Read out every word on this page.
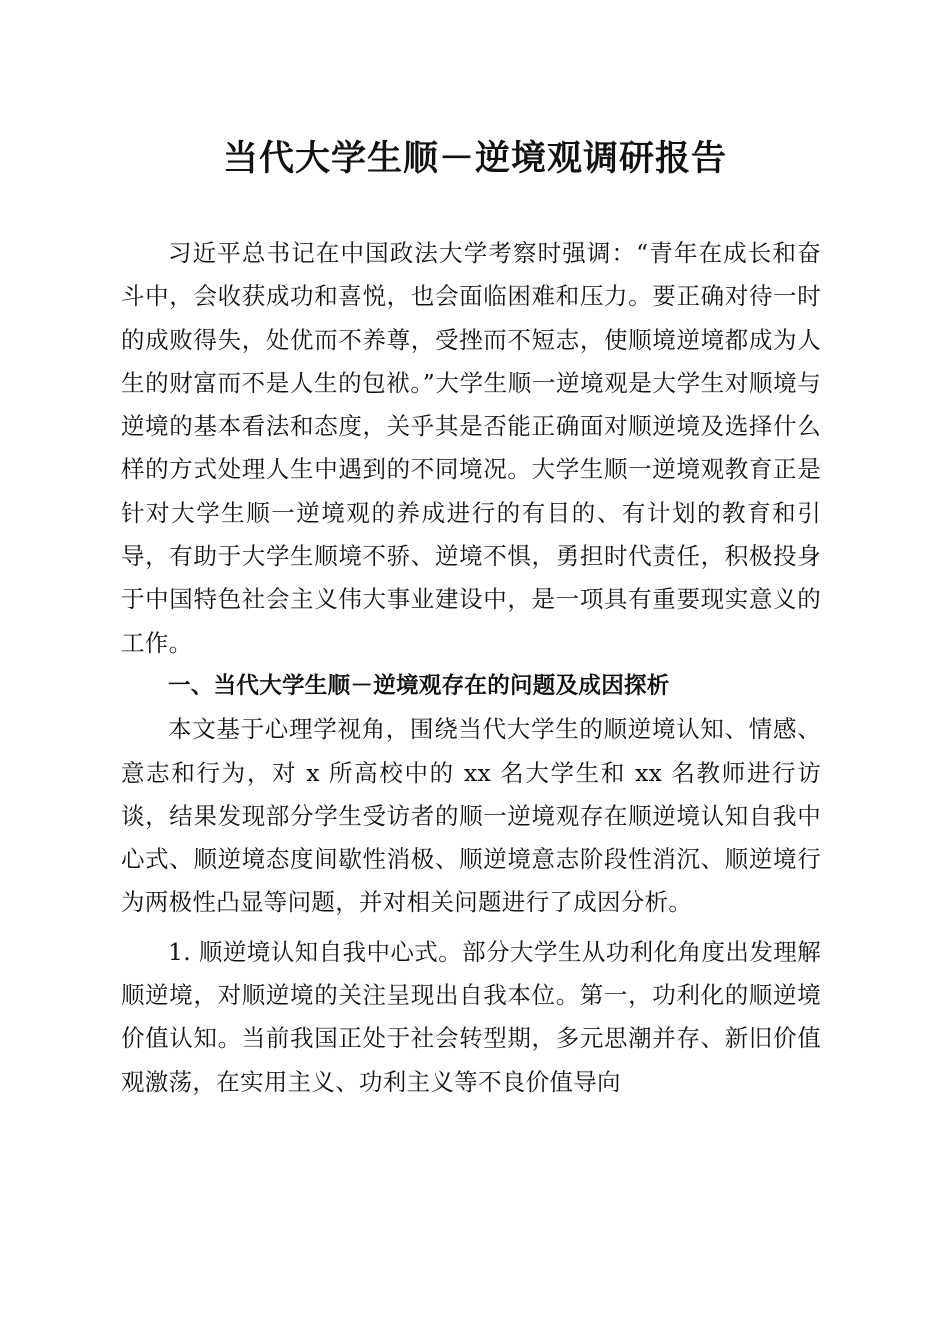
当代大学生顺－逆境观调研报告

习近平总书记在中国政法大学考察时强调：“青年在成长和奋斗中，会收获成功和喜悦，也会面临困难和压力。要正确对待一时的成败得失，处优而不养尊，受挫而不短志，使顺境逆境都成为人生的财富而不是人生的包袱。”大学生顺一逆境观是大学生对顺境与逆境的基本看法和态度，关乎其是否能正确面对顺逆境及选择什么样的方式处理人生中遇到的不同境况。大学生顺一逆境观教育正是针对大学生顺一逆境观的养成进行的有目的、有计划的教育和引导，有助于大学生顺境不骄、逆境不惧，勇担时代责任，积极投身于中国特色社会主义伟大事业建设中，是一项具有重要现实意义的工作。

一、当代大学生顺－逆境观存在的问题及成因探析

本文基于心理学视角，围绕当代大学生的顺逆境认知、情感、意志和行为，对 x 所高校中的 xx 名大学生和 xx 名教师进行访谈，结果发现部分学生受访者的顺一逆境观存在顺逆境认知自我中心式、顺逆境态度间歇性消极、顺逆境意志阶段性消沉、顺逆境行为两极性凸显等问题，并对相关问题进行了成因分析。

1. 顺逆境认知自我中心式。部分大学生从功利化角度出发理解顺逆境，对顺逆境的关注呈现出自我本位。第一，功利化的顺逆境价值认知。当前我国正处于社会转型期，多元思潮并存、新旧价值观激荡，在实用主义、功利主义等不良价值导向
